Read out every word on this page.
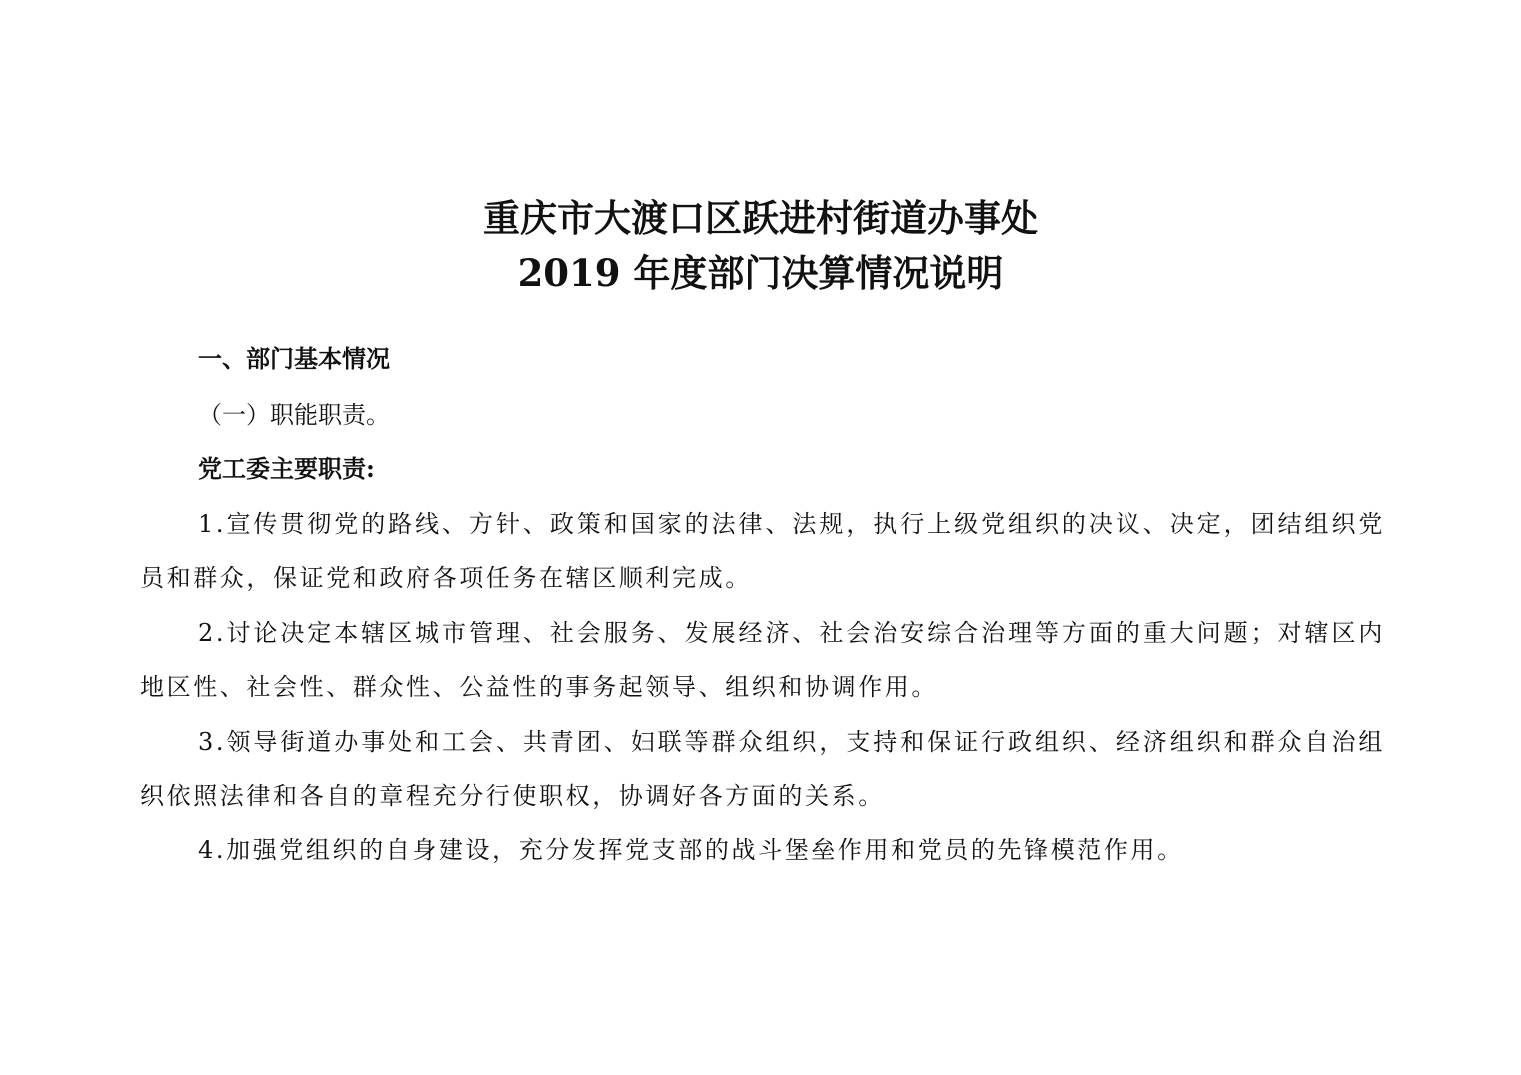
重庆市大渡口区跃进村街道办事处
2019 年度部门决算情况说明
一、部门基本情况
（一）职能职责。
党工委主要职责:
1.宣传贯彻党的路线、方针、政策和国家的法律、法规，执行上级党组织的决议、决定，团结组织党员和群众，保证党和政府各项任务在辖区顺利完成。
2.讨论决定本辖区城市管理、社会服务、发展经济、社会治安综合治理等方面的重大问题；对辖区内地区性、社会性、群众性、公益性的事务起领导、组织和协调作用。
3.领导街道办事处和工会、共青团、妇联等群众组织，支持和保证行政组织、经济组织和群众自治组织依照法律和各自的章程充分行使职权，协调好各方面的关系。
4.加强党组织的自身建设，充分发挥党支部的战斗堡垒作用和党员的先锋模范作用。
